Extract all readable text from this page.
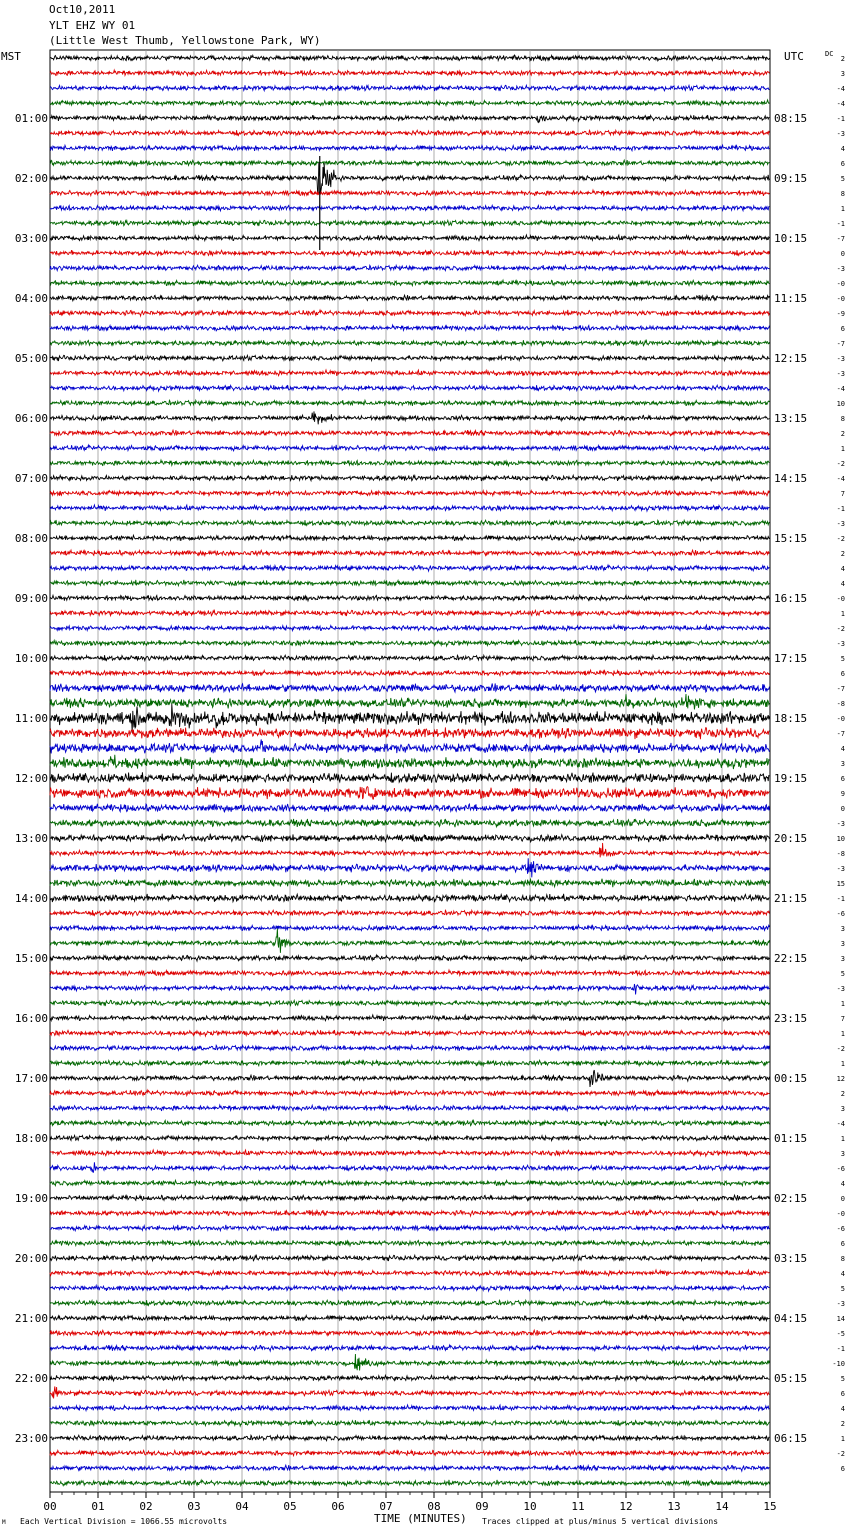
Oct10,2011
YLT EHZ WY 01
(Little West Thumb, Yellowstone Park, WY)
MST	UTC	DC
00	01	02	03	04	05	06	07	08	09	10	11	12	13	14	15
2
3
-4
-4
-1
-3
4
6
5
8
1
-1
-7
0
-3
-0
-0
-9
6
-7
-3
-3
-4
10
8
2
1
-2
-4
7
-1
-3
-2
2
4
4
-0
1
-2
-3
5
6
-7
-8
-0
-7
4
3
6
9
0
-3
10
-8
-3
15
-1
-6
3
3
3
5
-3
1
7
1
-2
1
12
2
3
-4
1
3
-6
4
0
-0
-6
6
8
4
5
-3
14
-5
-1
-10
5
6
4
2
1
-2
6
01:00
02:00
03:00
04:00
05:00
06:00
07:00
08:00
09:00
10:00
11:00
12:00
13:00
14:00
15:00
16:00
17:00
18:00
19:00
20:00
21:00
22:00
23:00
08:15
09:15
10:15
11:15
12:15
13:15
14:15
15:15
16:15
17:15
18:15
19:15
20:15
21:15
22:15
23:15
00:15
01:15
02:15
03:15
04:15
05:15
06:15
TIME (MINUTES)
Each Vertical Division = 1066.55 microvolts	Traces clipped at plus/minus 5 vertical divisions
M
